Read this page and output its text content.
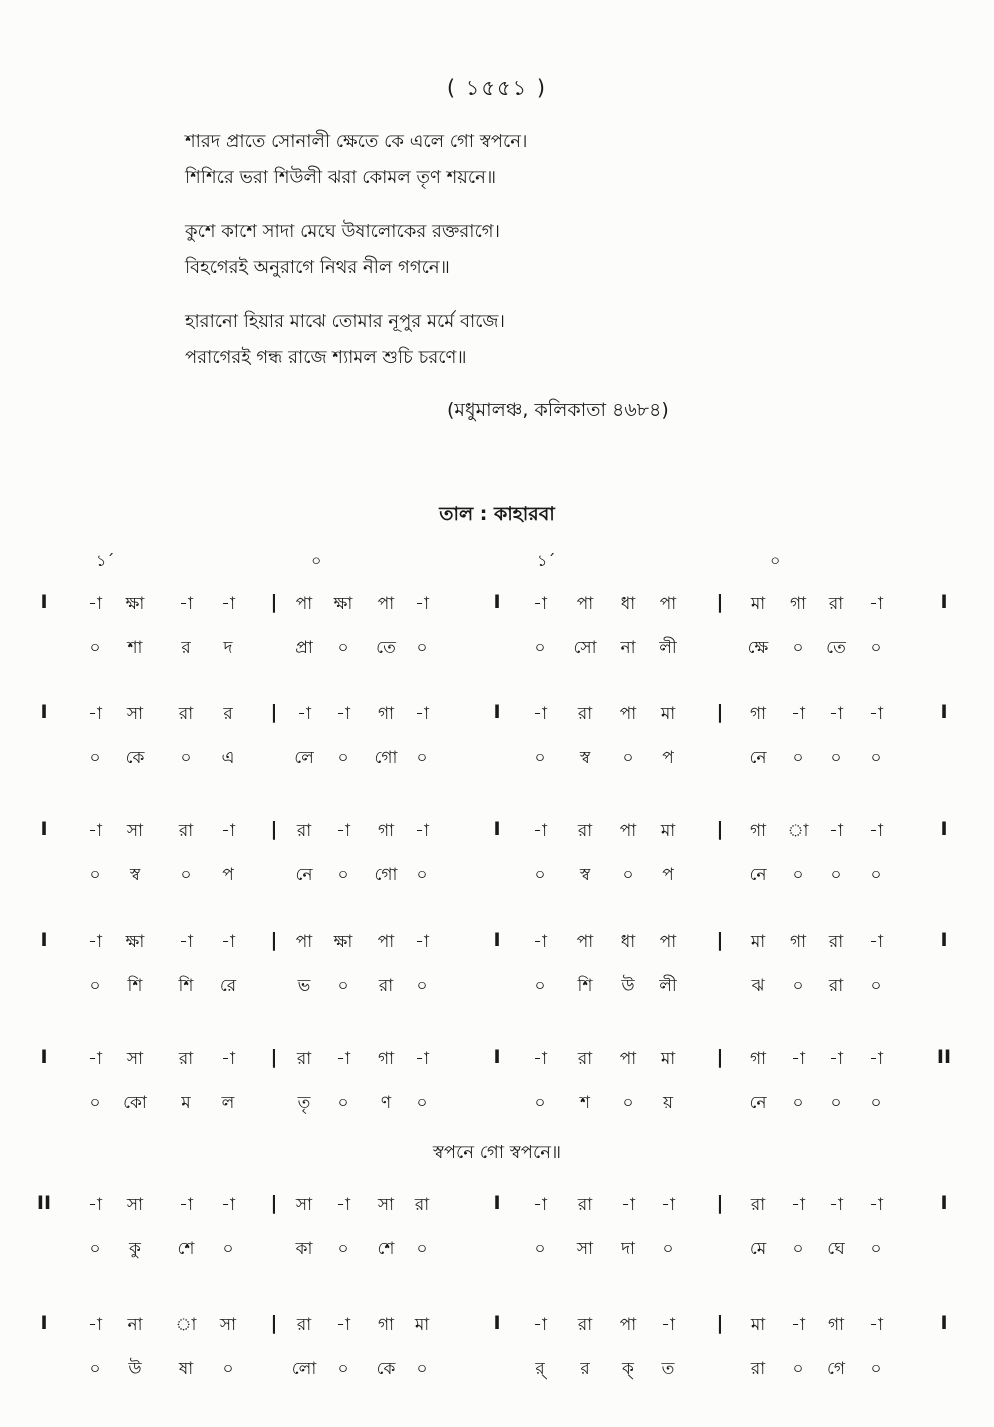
( ১৫৫১ )
শারদ প্রাতে সোনালী ক্ষেতে কে এলে গো স্বপনে।
শিশিরে ভরা শিউলী ঝরা কোমল তৃণ শয়নে॥
কুশে কাশে সাদা মেঘে উষালোকের রক্তরাগে।
বিহগেরই অনুরাগে নিথর নীল গগনে॥
হারানো হিয়ার মাঝে তোমার নূপুর মর্মে বাজে।
পরাগেরই গন্ধ রাজে শ্যামল শুচি চরণে॥
(মধুমালঞ্চ, কলিকাতা ৪৬৮৪)
তাল : কাহারবা
১´	০	১´	০
I -া ক্ষা -া -া | পা ক্ষা পা -া	I -া পা ধা পা | মা গা রা -া	I
০ শা র দ	প্রা ০ তে ০	০ সো না লী	ক্ষে ০ তে ০
I -া সা রা র | -া -া গা -া	I -া রা পা মা | গা -া -া -া	I
০ কে ০ এ	লে ০ গো ০	০ স্ব ০ প	নে ০ ০ ০
I -া সা রা -া | রা -া গা -া	I -া রা পা মা | গা া -া -া	I
০ স্ব ০ প	নে ০ গো ০	০ স্ব ০ প	নে ০ ০ ০
I -া ক্ষা -া -া | পা ক্ষা পা -া	I -া পা ধা পা | মা গা রা -া	I
০ শি শি রে	ভ ০ রা ০	০ শি উ লী	ঝ ০ রা ০
I -া সা রা -া | রা -া গা -া	I -া রা পা মা | গা -া -া -া	II
০ কো ম ল	তৃ ০ ণ ০	০ শ ০ য়	নে ০ ০ ০
II -া সা -া -া | সা -া সা রা	I -া রা -া -া | রা -া -া -া	I
০ কু শে ০	কা ০ শে ০	০ সা দা ০	মে ০ ঘে ০
I -া না া সা | রা -া গা মা	I -া রা পা -া | মা -া গা -া	I
০ উ ষা ০	লো ০ কে ০	র্ র ক্ ত	রা ০ গে ০
স্বপনে গো স্বপনে॥
